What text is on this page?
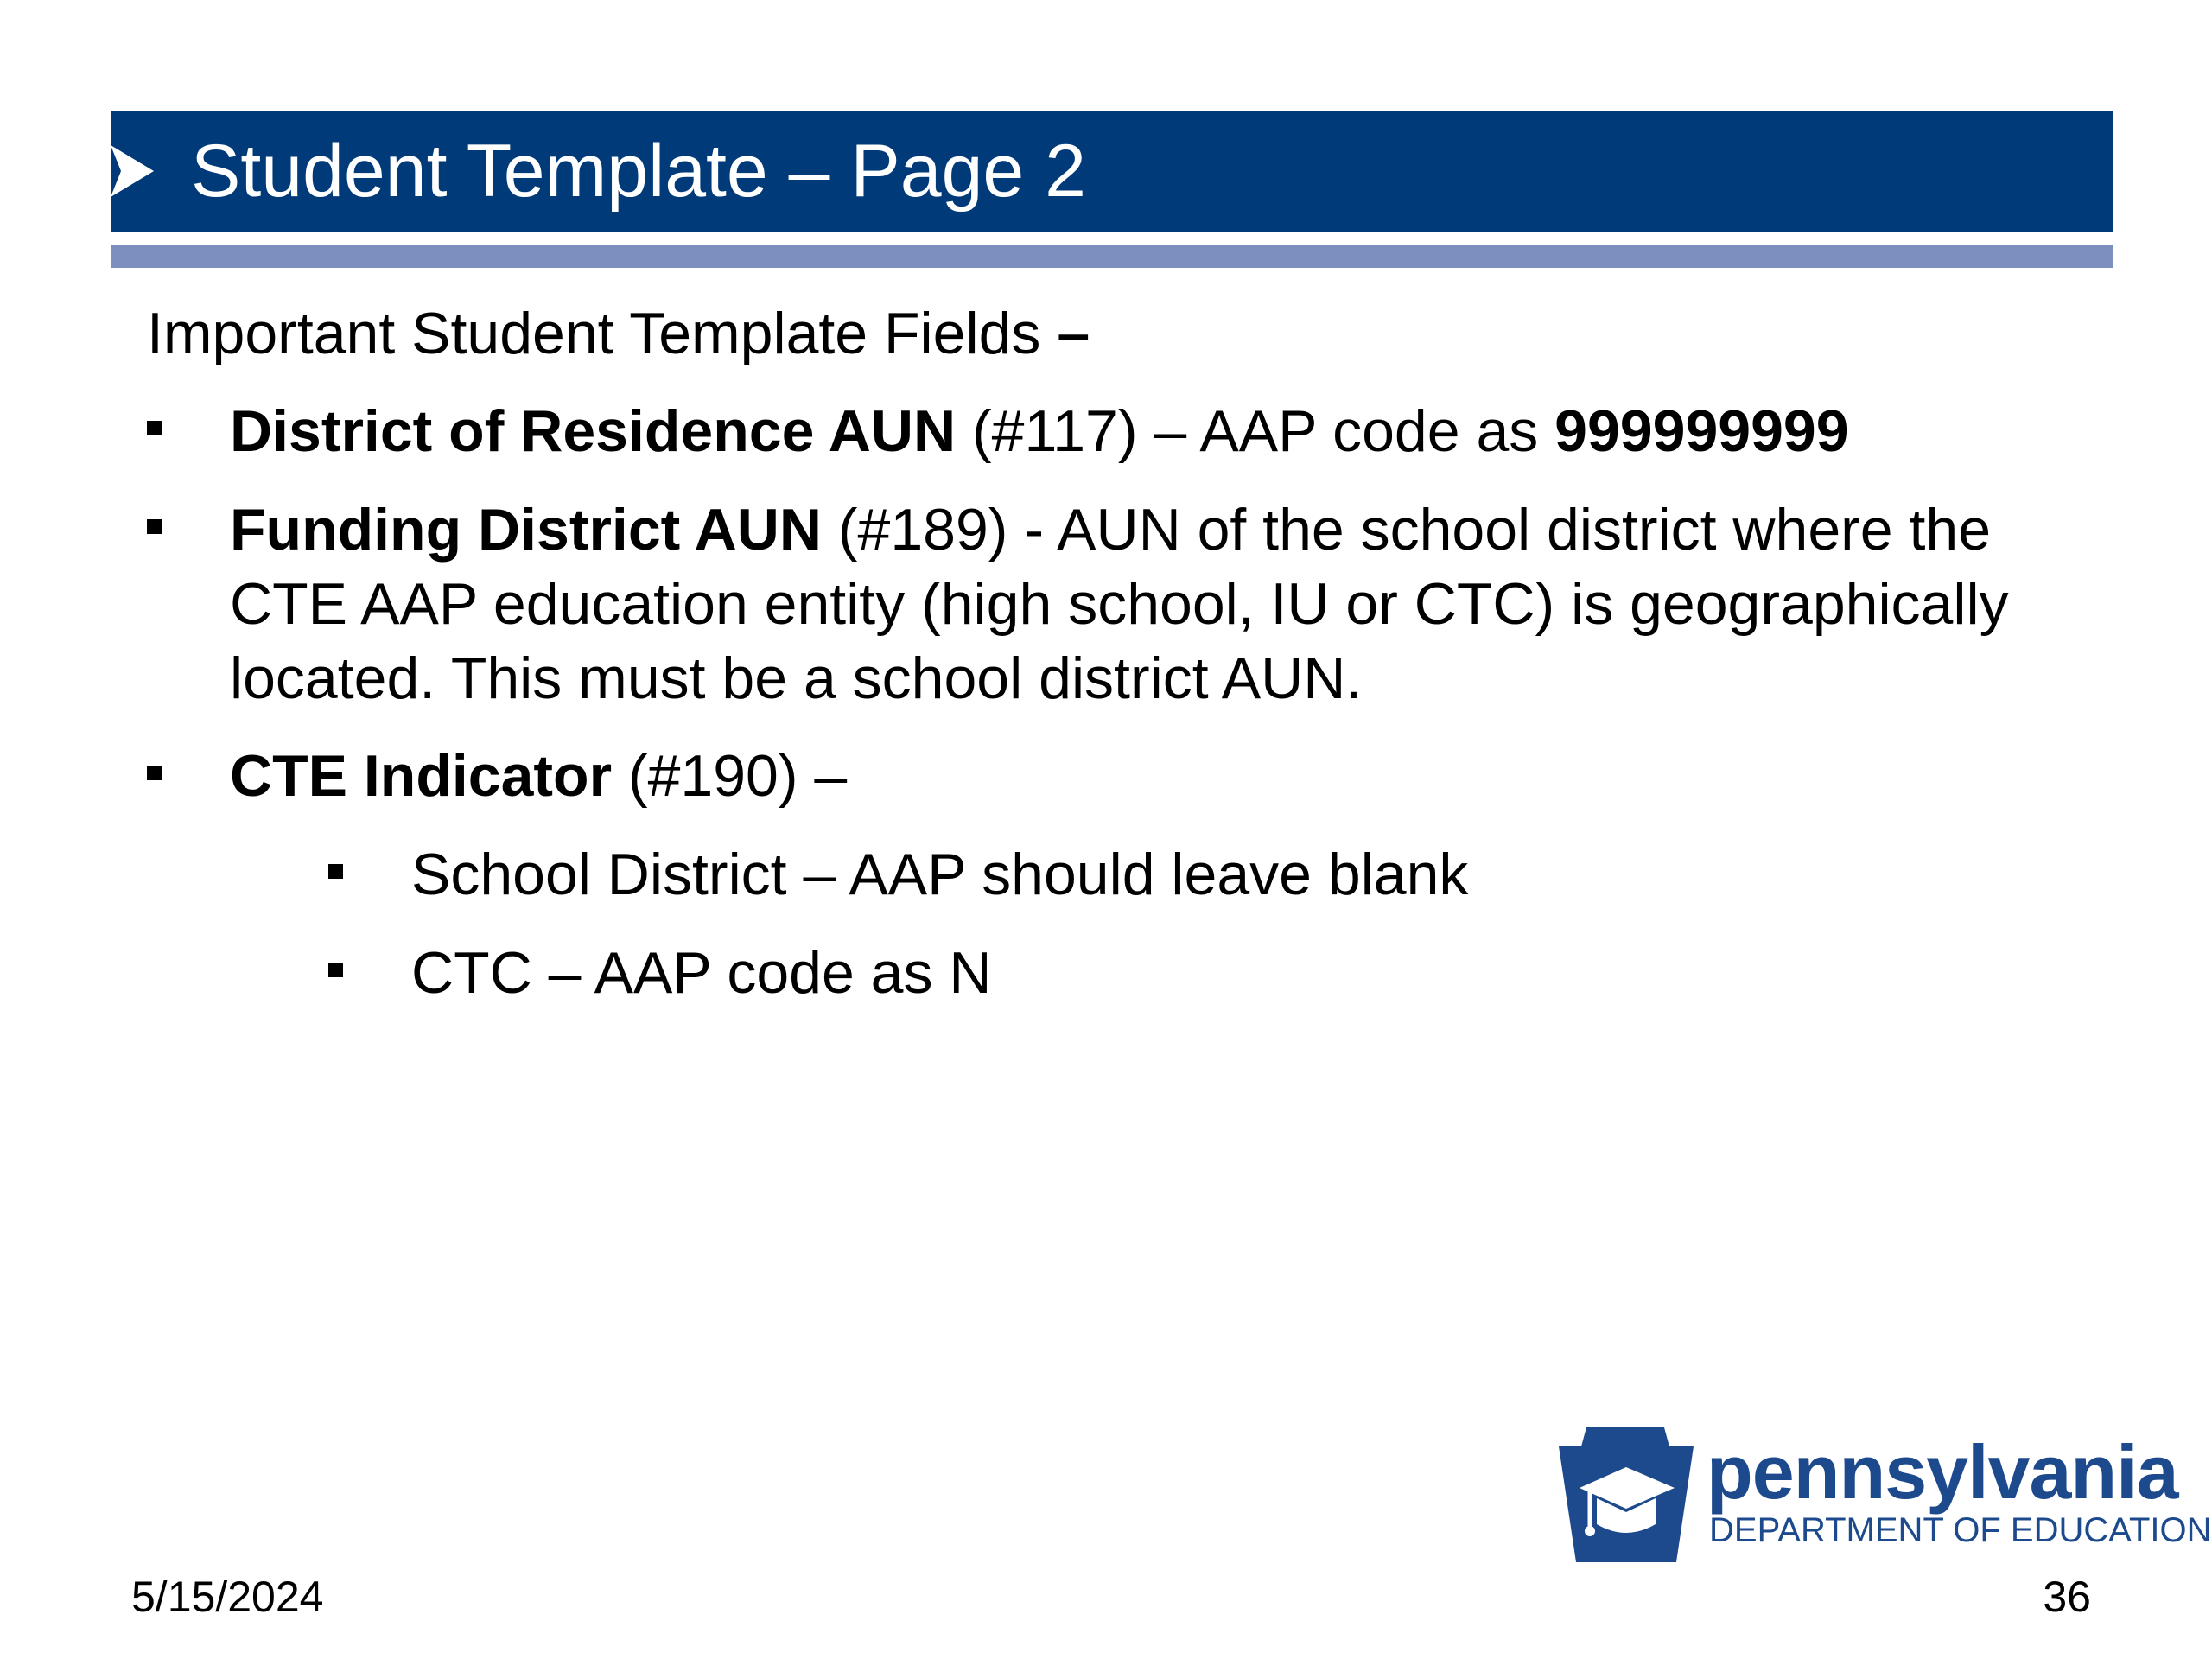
Student Template – Page 2
Important Student Template Fields –
District of Residence AUN (#117) – AAP code as 999999999
Funding District AUN (#189) - AUN of the school district where the CTE AAP education entity (high school, IU or CTC) is geographically located. This must be a school district AUN.
CTE Indicator (#190) –
School District – AAP should leave blank
CTC – AAP code as N
pennsylvania
DEPARTMENT OF EDUCATION
5/15/2024	36
